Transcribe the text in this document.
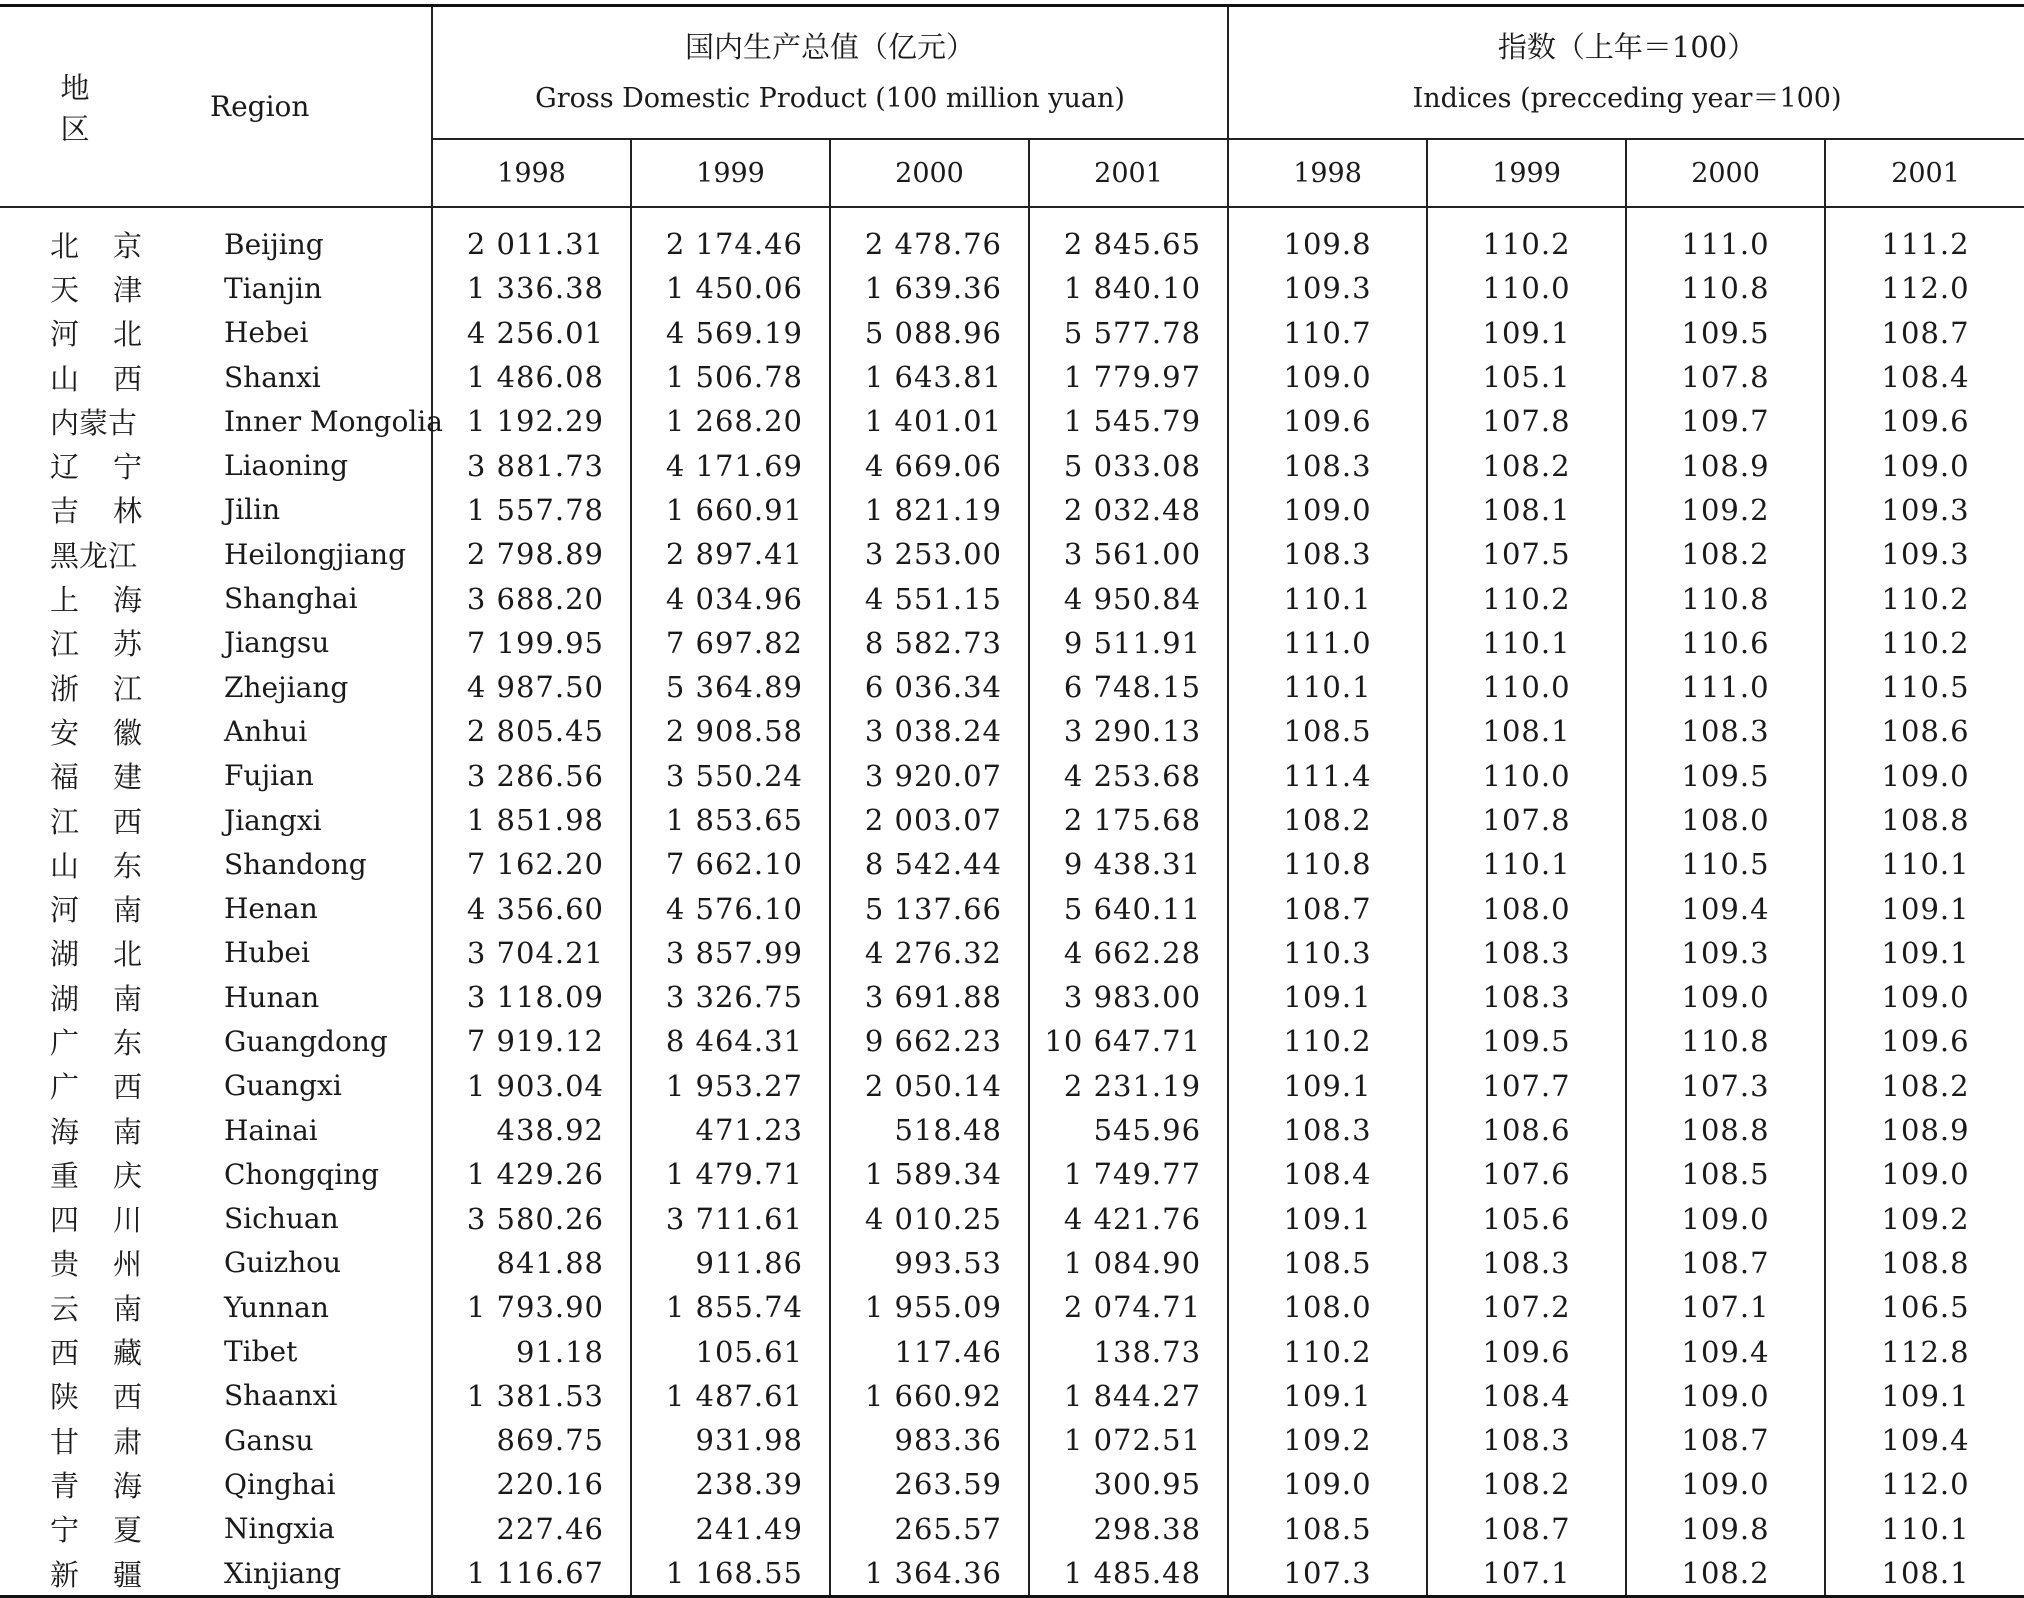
地区	Region	国内生产总值（亿元）
Gross Domestic Product (100 million yuan)				指数（上年＝100）
Indices (precceding year＝100)			

		1998	1999	2000	2001	1998	1999	2000	2001

北京	Beijing	2 011.31	2 174.46	2 478.76	2 845.65	109.8	110.2	111.0	111.2
天津	Tianjin	1 336.38	1 450.06	1 639.36	1 840.10	109.3	110.0	110.8	112.0
河北	Hebei	4 256.01	4 569.19	5 088.96	5 577.78	110.7	109.1	109.5	108.7
山西	Shanxi	1 486.08	1 506.78	1 643.81	1 779.97	109.0	105.1	107.8	108.4
内蒙古	Inner Mongolia	1 192.29	1 268.20	1 401.01	1 545.79	109.6	107.8	109.7	109.6
辽宁	Liaoning	3 881.73	4 171.69	4 669.06	5 033.08	108.3	108.2	108.9	109.0
吉林	Jilin	1 557.78	1 660.91	1 821.19	2 032.48	109.0	108.1	109.2	109.3
黑龙江	Heilongjiang	2 798.89	2 897.41	3 253.00	3 561.00	108.3	107.5	108.2	109.3
上海	Shanghai	3 688.20	4 034.96	4 551.15	4 950.84	110.1	110.2	110.8	110.2
江苏	Jiangsu	7 199.95	7 697.82	8 582.73	9 511.91	111.0	110.1	110.6	110.2
浙江	Zhejiang	4 987.50	5 364.89	6 036.34	6 748.15	110.1	110.0	111.0	110.5
安徽	Anhui	2 805.45	2 908.58	3 038.24	3 290.13	108.5	108.1	108.3	108.6
福建	Fujian	3 286.56	3 550.24	3 920.07	4 253.68	111.4	110.0	109.5	109.0
江西	Jiangxi	1 851.98	1 853.65	2 003.07	2 175.68	108.2	107.8	108.0	108.8
山东	Shandong	7 162.20	7 662.10	8 542.44	9 438.31	110.8	110.1	110.5	110.1
河南	Henan	4 356.60	4 576.10	5 137.66	5 640.11	108.7	108.0	109.4	109.1
湖北	Hubei	3 704.21	3 857.99	4 276.32	4 662.28	110.3	108.3	109.3	109.1
湖南	Hunan	3 118.09	3 326.75	3 691.88	3 983.00	109.1	108.3	109.0	109.0
广东	Guangdong	7 919.12	8 464.31	9 662.23	10 647.71	110.2	109.5	110.8	109.6
广西	Guangxi	1 903.04	1 953.27	2 050.14	2 231.19	109.1	107.7	107.3	108.2
海南	Hainai	438.92	471.23	518.48	545.96	108.3	108.6	108.8	108.9
重庆	Chongqing	1 429.26	1 479.71	1 589.34	1 749.77	108.4	107.6	108.5	109.0
四川	Sichuan	3 580.26	3 711.61	4 010.25	4 421.76	109.1	105.6	109.0	109.2
贵州	Guizhou	841.88	911.86	993.53	1 084.90	108.5	108.3	108.7	108.8
云南	Yunnan	1 793.90	1 855.74	1 955.09	2 074.71	108.0	107.2	107.1	106.5
西藏	Tibet	91.18	105.61	117.46	138.73	110.2	109.6	109.4	112.8
陕西	Shaanxi	1 381.53	1 487.61	1 660.92	1 844.27	109.1	108.4	109.0	109.1
甘肃	Gansu	869.75	931.98	983.36	1 072.51	109.2	108.3	108.7	109.4
青海	Qinghai	220.16	238.39	263.59	300.95	109.0	108.2	109.0	112.0
宁夏	Ningxia	227.46	241.49	265.57	298.38	108.5	108.7	109.8	110.1
新疆	Xinjiang	1 116.67	1 168.55	1 364.36	1 485.48	107.3	107.1	108.2	108.1
